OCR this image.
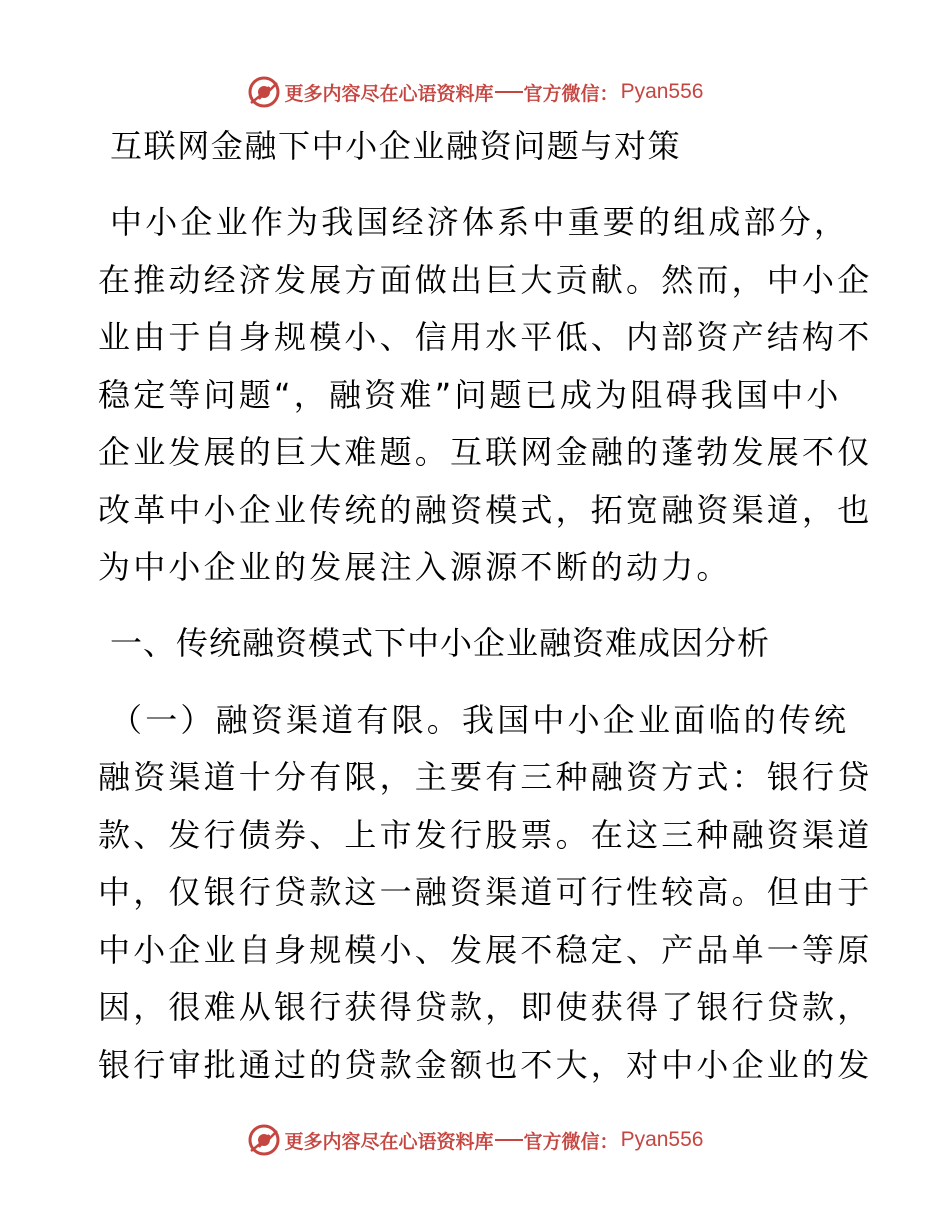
更多内容尽在心语资料库 官方微信： Pyan556
互联网金融下中小企业融资问题与对策
中小企业作为我国经济体系中重要的组成部分，
在推动经济发展方面做出巨大贡献。然而，中小企
业由于自身规模小、信用水平低、内部资产结构不
稳定等问题“，融资难”问题已成为阻碍我国中小
企业发展的巨大难题。互联网金融的蓬勃发展不仅
改革中小企业传统的融资模式，拓宽融资渠道，也
为中小企业的发展注入源源不断的动力。
一、传统融资模式下中小企业融资难成因分析
（一）融资渠道有限。我国中小企业面临的传统
融资渠道十分有限，主要有三种融资方式：银行贷
款、发行债券、上市发行股票。在这三种融资渠道
中，仅银行贷款这一融资渠道可行性较高。但由于
中小企业自身规模小、发展不稳定、产品单一等原
因，很难从银行获得贷款，即使获得了银行贷款，
银行审批通过的贷款金额也不大，对中小企业的发
更多内容尽在心语资料库 官方微信： Pyan556
